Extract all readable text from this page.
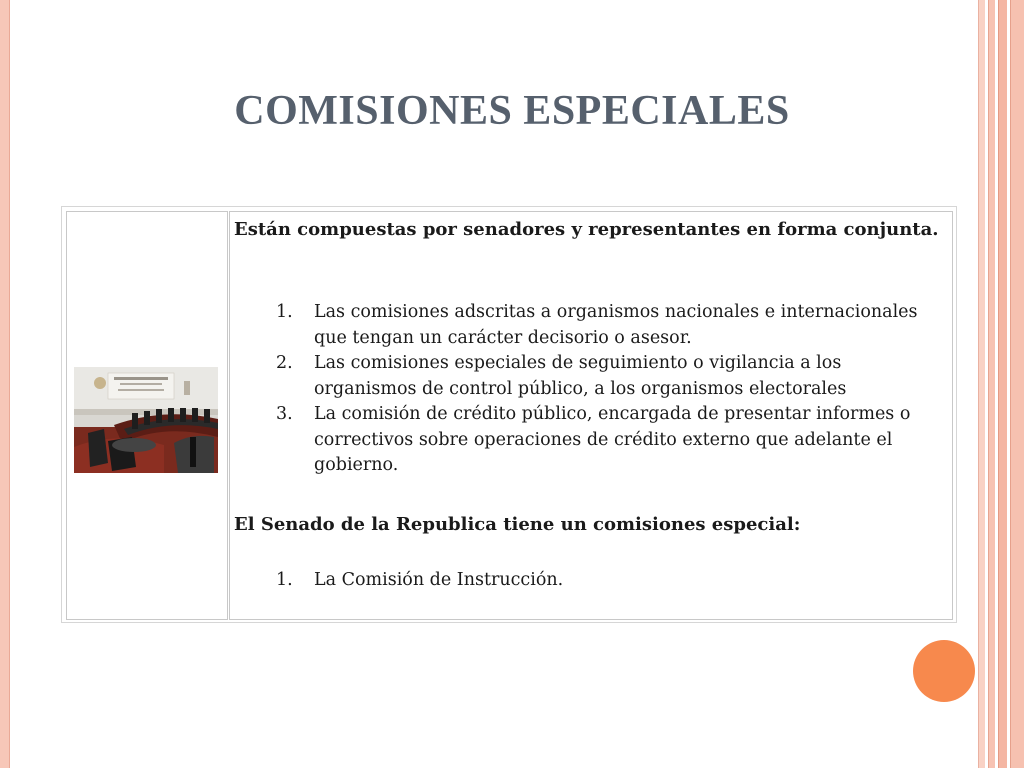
COMISIONES ESPECIALES

Están compuestas por senadores y representantes en forma conjunta.

1. Las comisiones adscritas a organismos nacionales e internacionales que tengan un carácter decisorio o asesor.
2. Las comisiones especiales de seguimiento o vigilancia a los organismos de control público, a los organismos electorales
3. La comisión de crédito público, encargada de presentar informes o correctivos sobre operaciones de crédito externo que adelante el gobierno.

El Senado de la Republica tiene un comisiones especial:

1. La Comisión de Instrucción.
